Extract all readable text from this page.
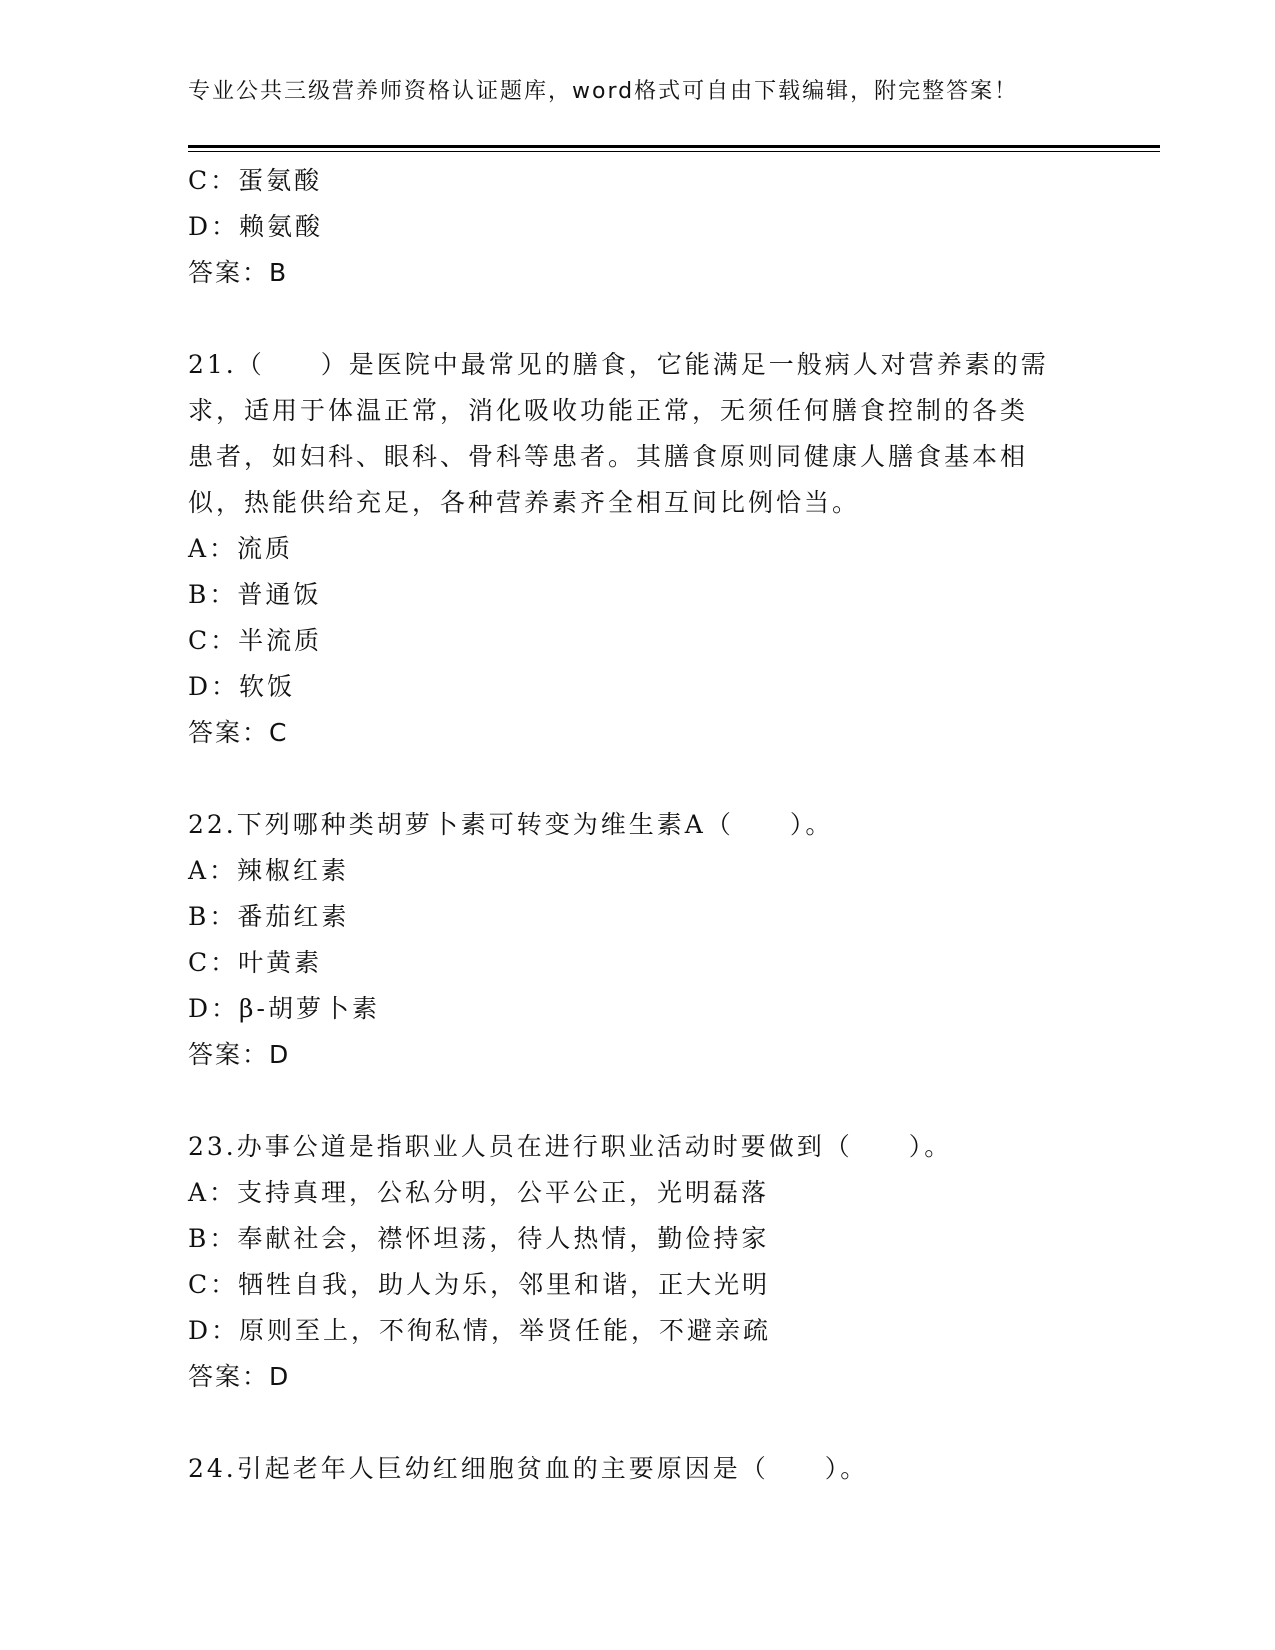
专业公共三级营养师资格认证题库，word格式可自由下载编辑，附完整答案！
C：蛋氨酸
D：赖氨酸
答案：B
21.（　　）是医院中最常见的膳食，它能满足一般病人对营养素的需
求，适用于体温正常，消化吸收功能正常，无须任何膳食控制的各类
患者，如妇科、眼科、骨科等患者。其膳食原则同健康人膳食基本相
似，热能供给充足，各种营养素齐全相互间比例恰当。
A：流质
B：普通饭
C：半流质
D：软饭
答案：C
22.下列哪种类胡萝卜素可转变为维生素A（　　）。
A：辣椒红素
B：番茄红素
C：叶黄素
D：β-胡萝卜素
答案：D
23.办事公道是指职业人员在进行职业活动时要做到（　　）。
A：支持真理，公私分明，公平公正，光明磊落
B：奉献社会，襟怀坦荡，待人热情，勤俭持家
C：牺牲自我，助人为乐，邻里和谐，正大光明
D：原则至上，不徇私情，举贤任能，不避亲疏
答案：D
24.引起老年人巨幼红细胞贫血的主要原因是（　　）。
